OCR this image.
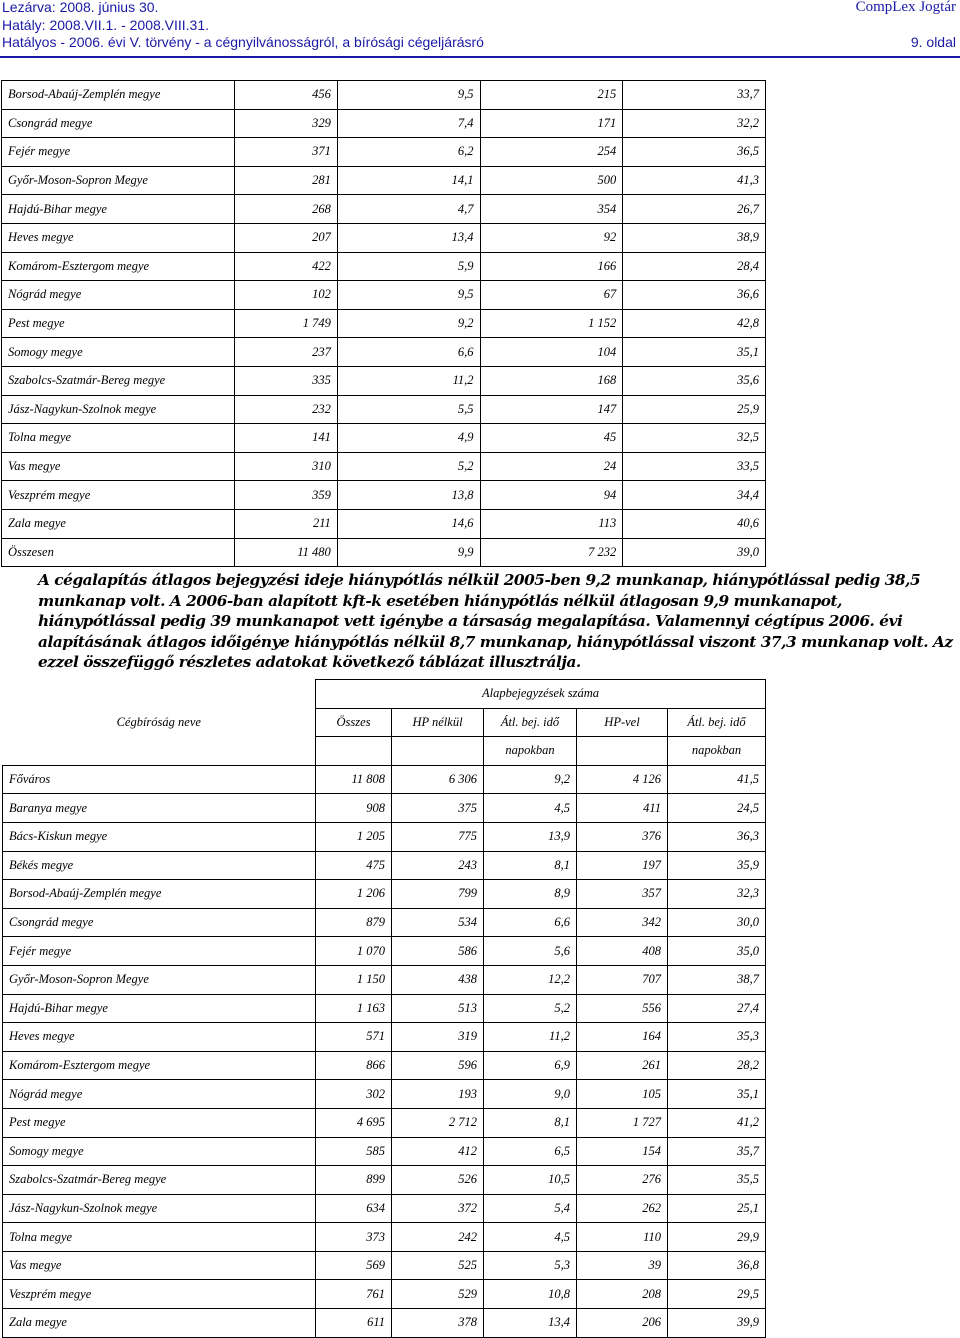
Lezárva: 2008. június 30.	CompLex Jogtár
Hatály: 2008.VII.1. - 2008.VIII.31.
Hatályos - 2006. évi V. törvény - a cégnyilvánosságról, a bírósági cégeljárásró	9. oldal
Borsod-Abaúj-Zemplén megye	456	9,5	215	33,7
Csongrád megye	329	7,4	171	32,2
Fejér megye	371	6,2	254	36,5
Győr-Moson-Sopron Megye	281	14,1	500	41,3
Hajdú-Bihar megye	268	4,7	354	26,7
Heves megye	207	13,4	92	38,9
Komárom-Esztergom megye	422	5,9	166	28,4
Nógrád megye	102	9,5	67	36,6
Pest megye	1 749	9,2	1 152	42,8
Somogy megye	237	6,6	104	35,1
Szabolcs-Szatmár-Bereg megye	335	11,2	168	35,6
Jász-Nagykun-Szolnok megye	232	5,5	147	25,9
Tolna megye	141	4,9	45	32,5
Vas megye	310	5,2	24	33,5
Veszprém megye	359	13,8	94	34,4
Zala megye	211	14,6	113	40,6
Összesen	11 480	9,9	7 232	39,0
A cégalapítás átlagos bejegyzési ideje hiánypótlás nélkül 2005-ben 9,2 munkanap, hiánypótlással pedig 38,5 munkanap volt. A 2006-ban alapított kft-k esetében hiánypótlás nélkül átlagosan 9,9 munkanapot, hiánypótlással pedig 39 munkanapot vett igénybe a társaság megalapítása. Valamennyi cégtípus 2006. évi alapításának átlagos időigénye hiánypótlás nélkül 8,7 munkanap, hiánypótlással viszont 37,3 munkanap volt. Az ezzel összefüggő részletes adatokat következő táblázat illusztrálja.
Cégbíróság neve	Alapbejegyzések száma				
	Összes	HP nélkül	Átl. bej. idő	HP-vel	Átl. bej. idő
			napokban		napokban
Főváros	11 808	6 306	9,2	4 126	41,5
Baranya megye	908	375	4,5	411	24,5
Bács-Kiskun megye	1 205	775	13,9	376	36,3
Békés megye	475	243	8,1	197	35,9
Borsod-Abaúj-Zemplén megye	1 206	799	8,9	357	32,3
Csongrád megye	879	534	6,6	342	30,0
Fejér megye	1 070	586	5,6	408	35,0
Győr-Moson-Sopron Megye	1 150	438	12,2	707	38,7
Hajdú-Bihar megye	1 163	513	5,2	556	27,4
Heves megye	571	319	11,2	164	35,3
Komárom-Esztergom megye	866	596	6,9	261	28,2
Nógrád megye	302	193	9,0	105	35,1
Pest megye	4 695	2 712	8,1	1 727	41,2
Somogy megye	585	412	6,5	154	35,7
Szabolcs-Szatmár-Bereg megye	899	526	10,5	276	35,5
Jász-Nagykun-Szolnok megye	634	372	5,4	262	25,1
Tolna megye	373	242	4,5	110	29,9
Vas megye	569	525	5,3	39	36,8
Veszprém megye	761	529	10,8	208	29,5
Zala megye	611	378	13,4	206	39,9
